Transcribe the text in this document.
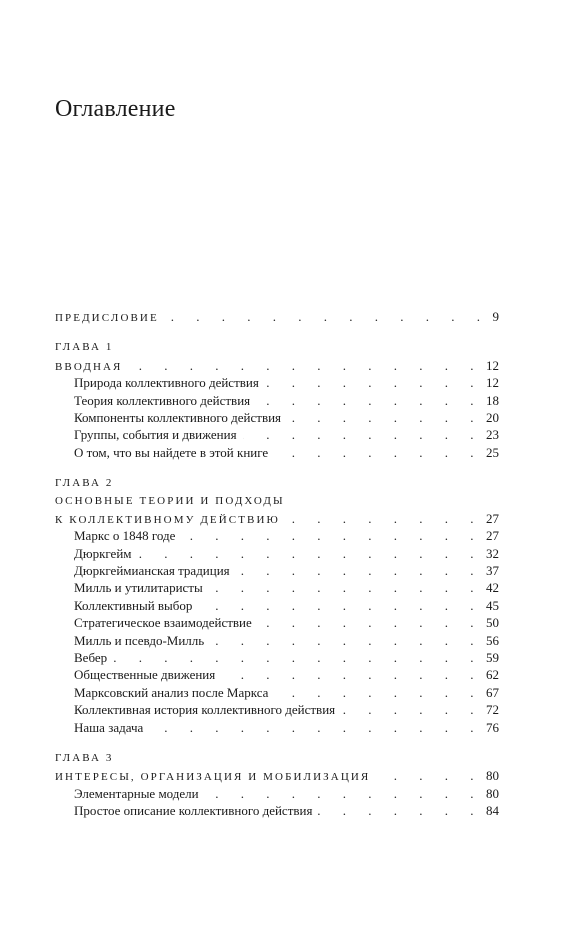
Оглавление
ПРЕДИСЛОВИЕ . . .	9
ГЛАВА 1
ВВОДНАЯ . . .	12
Природа коллективного действия . . .	12
Теория коллективного действия . . .	18
Компоненты коллективного действия . . .	20
Группы, события и движения . . .	23
О том, что вы найдете в этой книге . . .	25
ГЛАВА 2
ОСНОВНЫЕ ТЕОРИИ И ПОДХОДЫ
К КОЛЛЕКТИВНОМУ ДЕЙСТВИЮ . . .	27
Маркс о 1848 годе . . .	27
Дюркгейм . . .	32
Дюркгеймианская традиция . . .	37
Милль и утилитаристы . . .	42
Коллективный выбор . . .	45
Стратегическое взаимодействие . . .	50
Милль и псевдо-Милль . . .	56
Вебер . . .	59
Общественные движения . . .	62
Марксовский анализ после Маркса . . .	67
Коллективная история коллективного действия . . .	72
Наша задача . . .	76
ГЛАВА 3
ИНТЕРЕСЫ, ОРГАНИЗАЦИЯ И МОБИЛИЗАЦИЯ . . .	80
Элементарные модели . . .	80
Простое описание коллективного действия . . .	84
